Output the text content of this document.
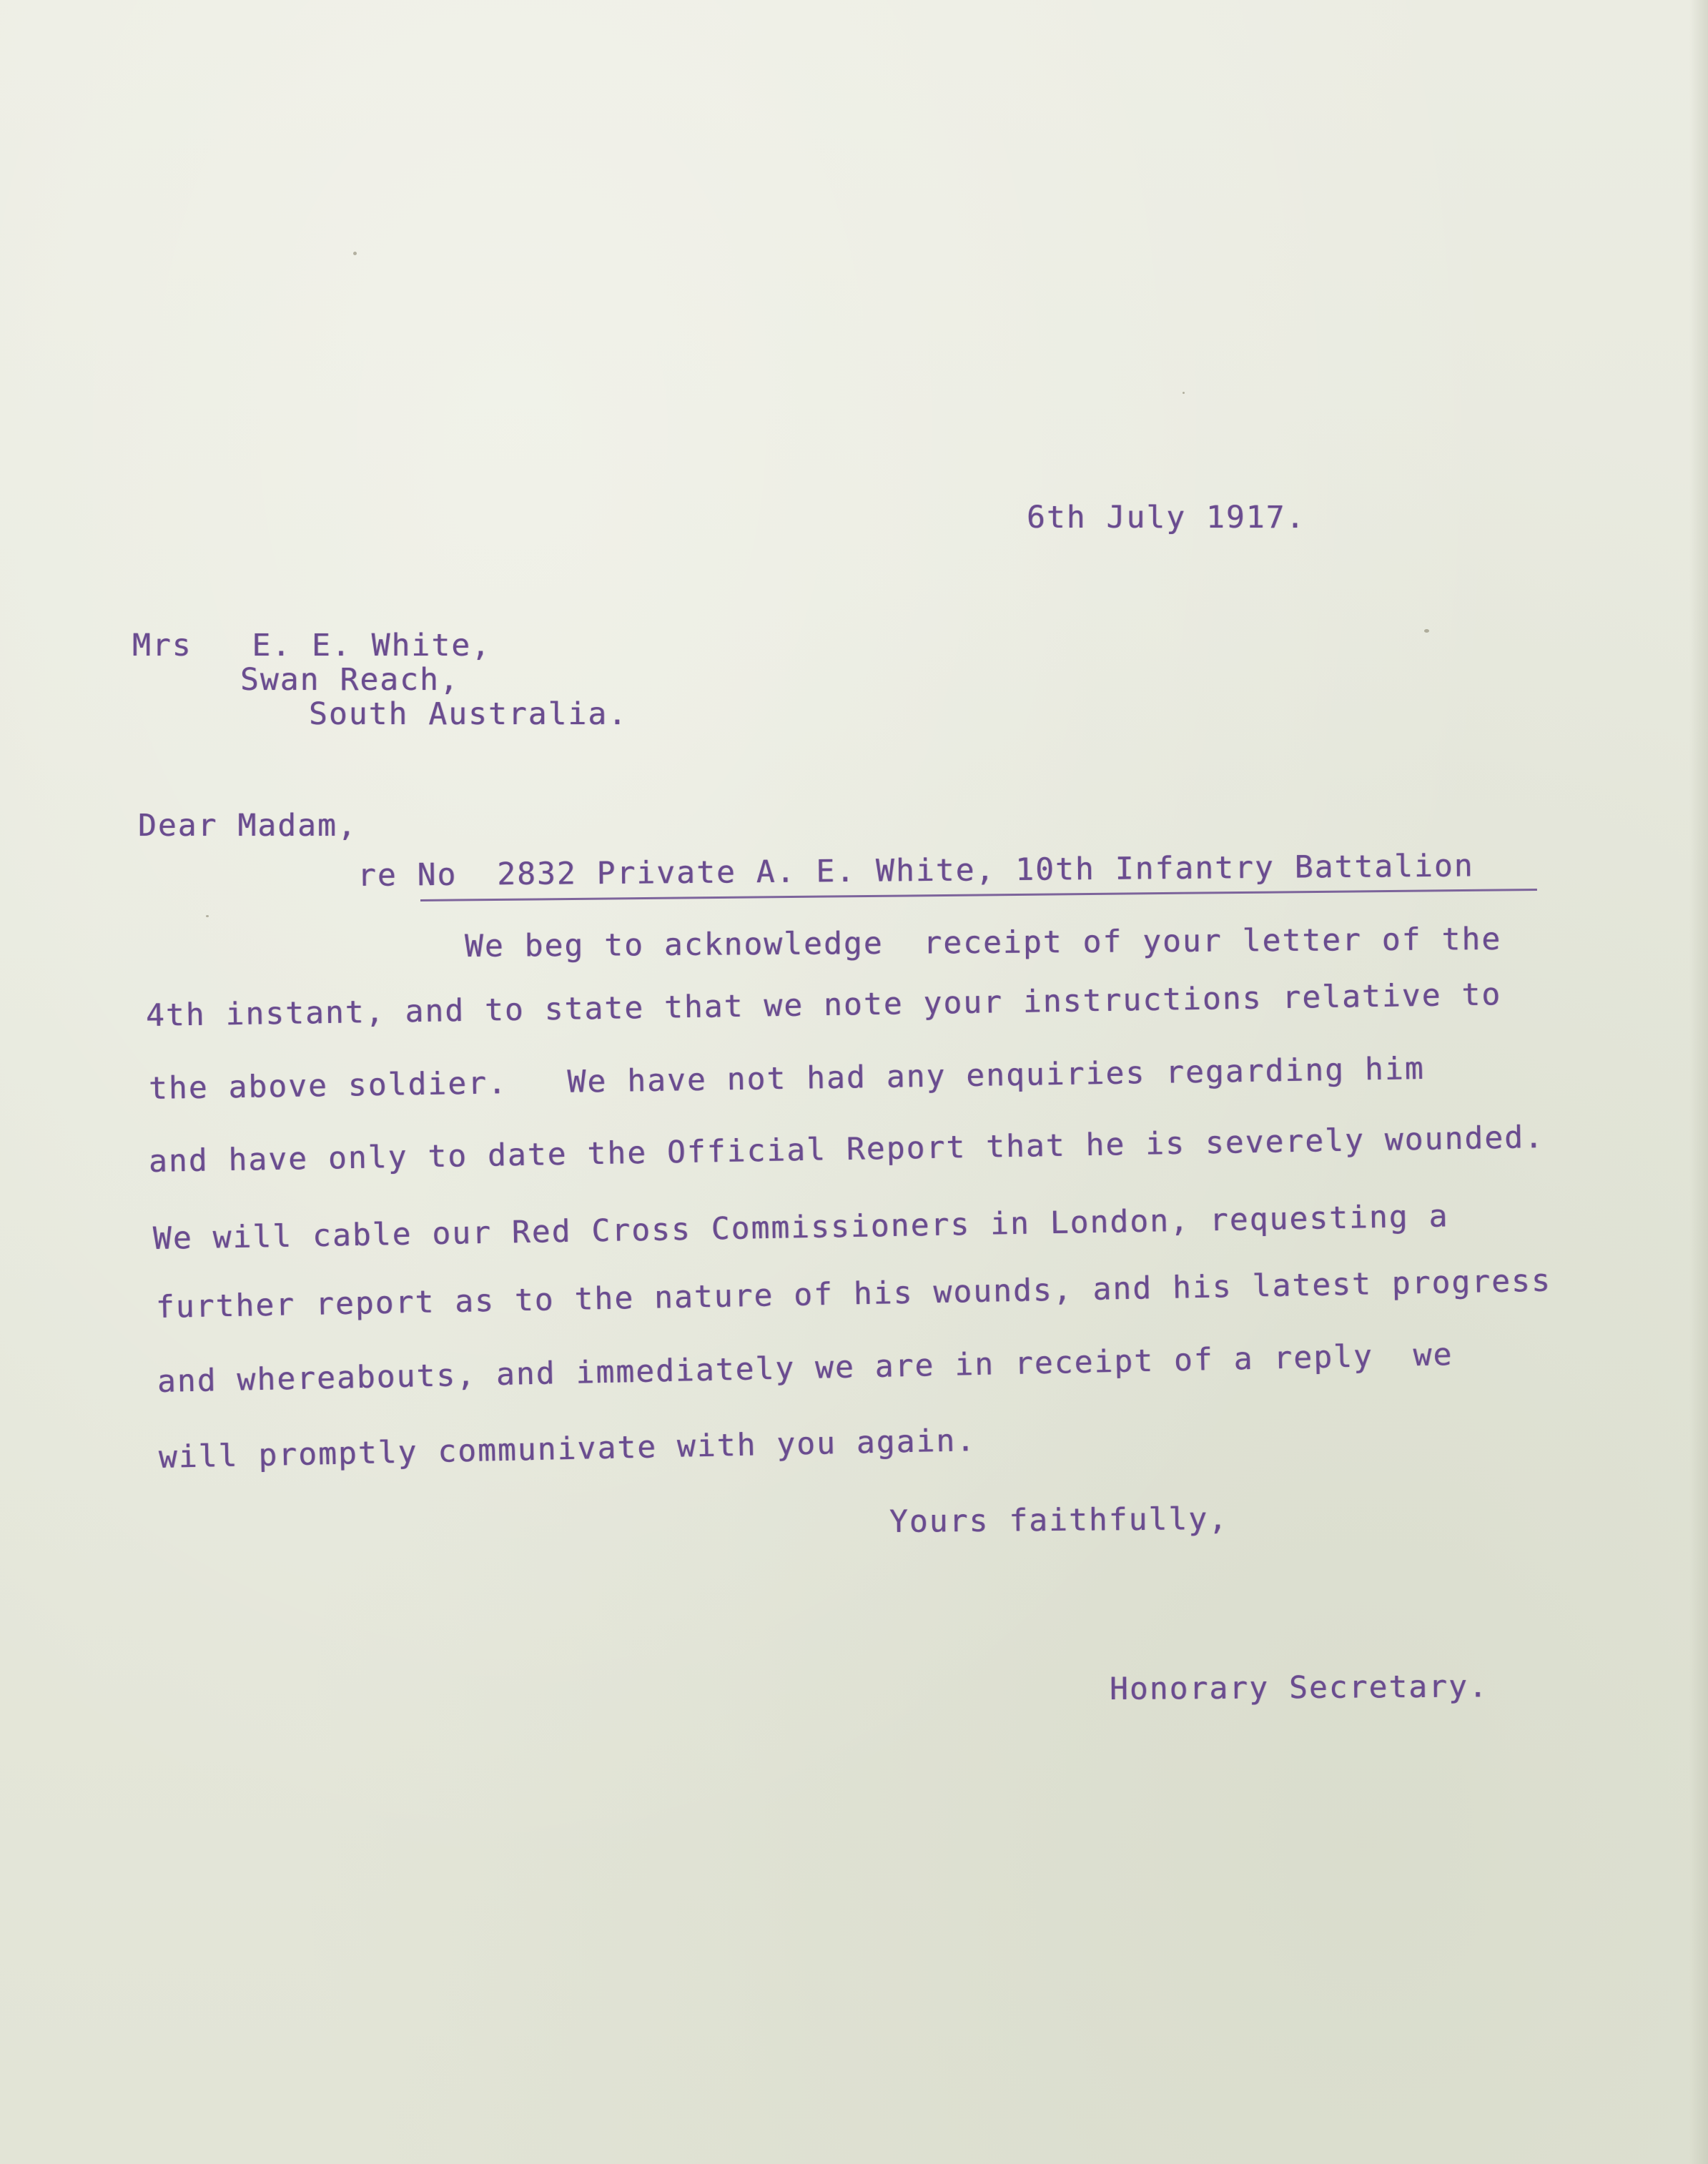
6th July 1917.
Mrs   E. E. White,
Swan Reach,
South Australia.
Dear Madam,
re No  2832 Private A. E. White, 10th Infantry Battalion
We beg to acknowledge  receipt of your letter of the
4th instant, and to state that we note your instructions relative to
the above soldier.   We have not had any enquiries regarding him
and have only to date the Official Report that he is severely wounded.
We will cable our Red Cross Commissioners in London, requesting a
further report as to the nature of his wounds, and his latest progress
and whereabouts, and immediately we are in receipt of a reply  we
will promptly communivate with you again.
Yours faithfully,
Honorary Secretary.
